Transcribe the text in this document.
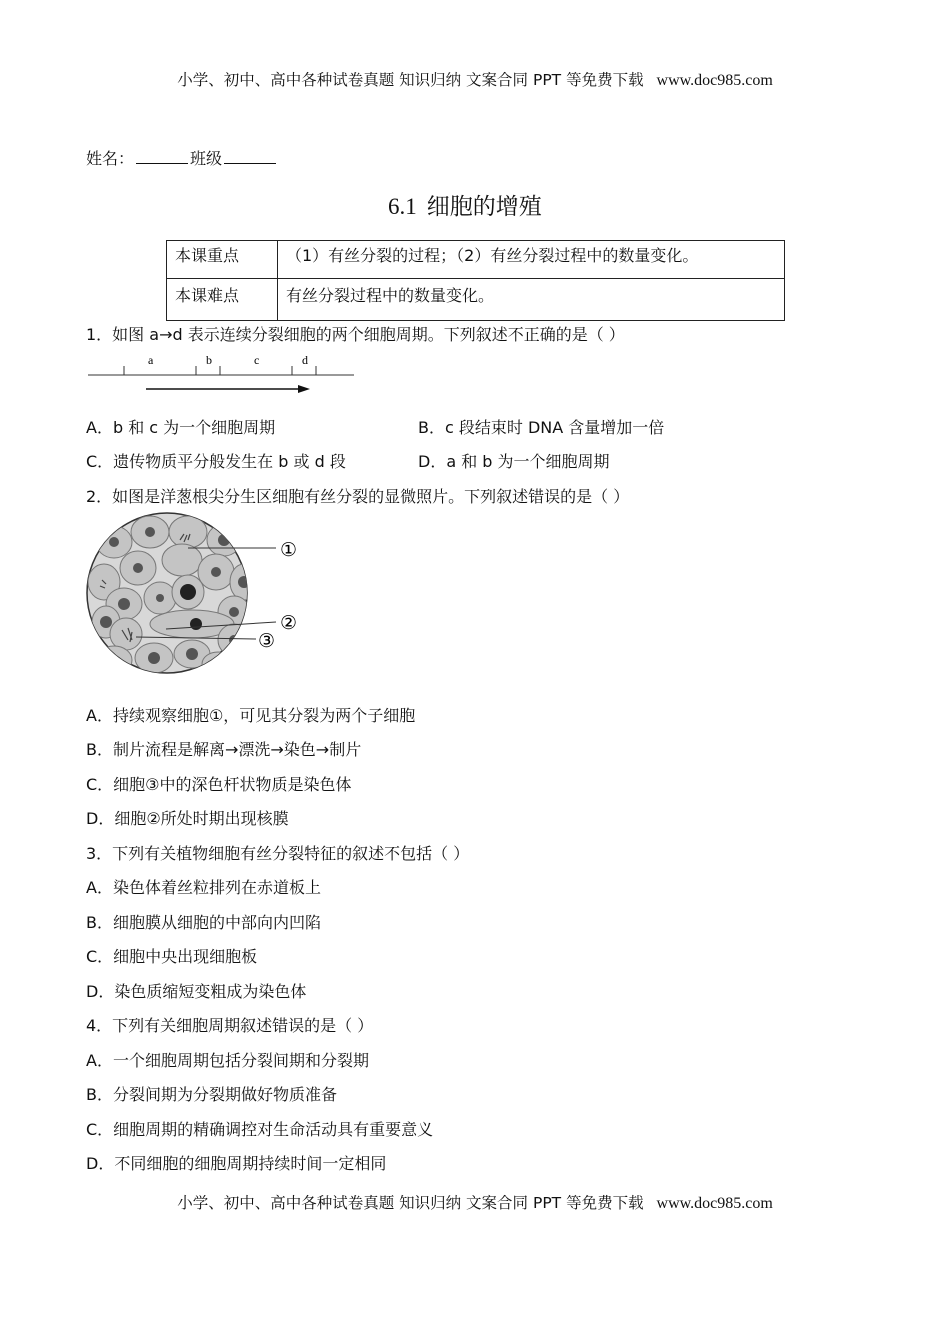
小学、初中、高中各种试卷真题 知识归纳 文案合同 PPT 等免费下载 www.doc985.com
姓名：	班级
6.1 细胞的增殖
本课重点	（1）有丝分裂的过程；（2）有丝分裂过程中的数量变化。
本课难点	有丝分裂过程中的数量变化。
1．如图 a→d 表示连续分裂细胞的两个细胞周期。下列叙述不正确的是（ ）
a	b	c	d
A．b 和 c 为一个细胞周期	B．c 段结束时 DNA 含量增加一倍
C．遗传物质平分般发生在 b 或 d 段	D．a 和 b 为一个细胞周期
2．如图是洋葱根尖分生区细胞有丝分裂的显微照片。下列叙述错误的是（ ）
①
②
③
A．持续观察细胞①，可见其分裂为两个子细胞
B．制片流程是解离→漂洗→染色→制片
C．细胞③中的深色杆状物质是染色体
D．细胞②所处时期出现核膜
3．下列有关植物细胞有丝分裂特征的叙述不包括（ ）
A．染色体着丝粒排列在赤道板上
B．细胞膜从细胞的中部向内凹陷
C．细胞中央出现细胞板
D．染色质缩短变粗成为染色体
4．下列有关细胞周期叙述错误的是（ ）
A．一个细胞周期包括分裂间期和分裂期
B．分裂间期为分裂期做好物质准备
C．细胞周期的精确调控对生命活动具有重要意义
D．不同细胞的细胞周期持续时间一定相同
小学、初中、高中各种试卷真题 知识归纳 文案合同 PPT 等免费下载 www.doc985.com
